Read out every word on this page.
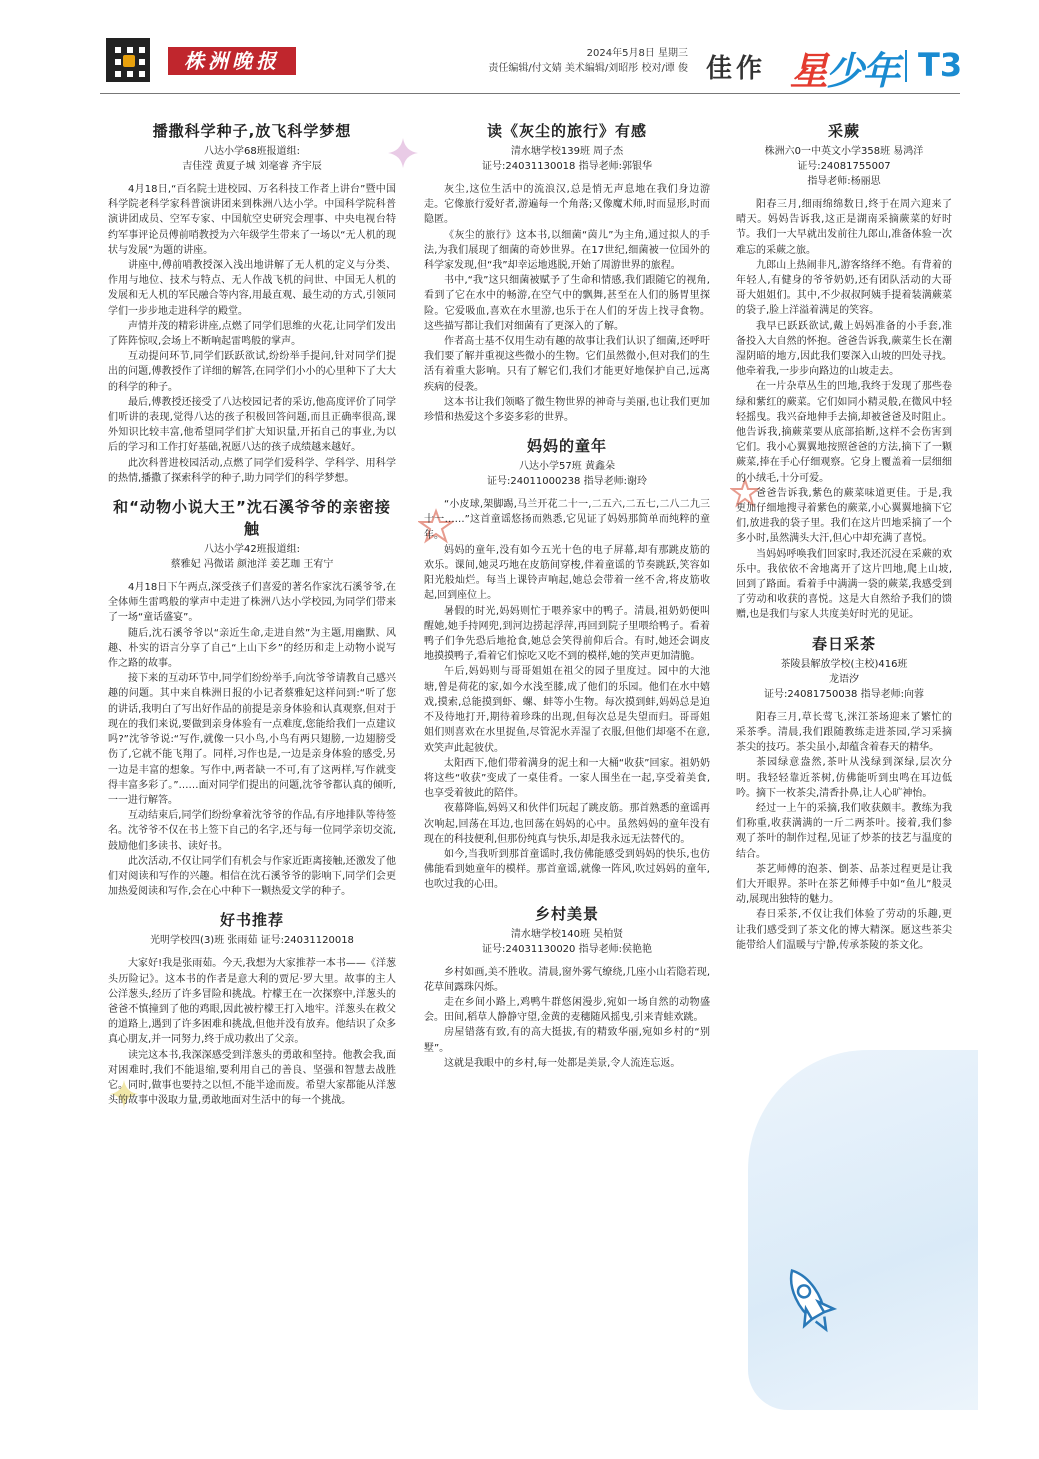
株洲晚报	2024年5月8日 星期三
责任编辑/付文婧 美术编辑/刘昭彤 校对/谭 俊 佳作 星少年 T3
播撒科学种子,放飞科学梦想
八达小学68班报道组:
吉佳滢 黄夏子城 刘毫睿 齐宇辰

4月18日,“百名院士进校园、万名科技工作者上讲台”暨中国科学院老科学家科普演讲团来到株洲八达小学。中国科学院科普演讲团成员、空军专家、中国航空史研究会理事、中央电视台特约军事评论员傅前哨教授为六年级学生带来了一场以“无人机的现状与发展”为题的讲座。

讲座中,傅前哨教授深入浅出地讲解了无人机的定义与分类、作用与地位、技术与特点、无人作战飞机的问世、中国无人机的发展和无人机的军民融合等内容,用最直观、最生动的方式,引领同学们一步步地走进科学的殿堂。

声情并茂的精彩讲座,点燃了同学们思维的火花,让同学们发出了阵阵惊叹,会场上不断响起雷鸣般的掌声。

互动提问环节,同学们跃跃欲试,纷纷举手提问,针对同学们提出的问题,傅教授作了详细的解答,在同学们小小的心里种下了大大的科学的种子。

最后,傅教授还接受了八达校园记者的采访,他高度评价了同学们听讲的表现,觉得八达的孩子积极回答问题,而且正确率很高,课外知识比较丰富,他希望同学们扩大知识量,开拓自己的事业,为以后的学习和工作打好基础,祝愿八达的孩子成绩越来越好。

此次科普进校园活动,点燃了同学们爱科学、学科学、用科学的热情,播撒了探索科学的种子,助力同学们的科学梦想。

和“动物小说大王”沈石溪爷爷的亲密接触
八达小学42班报道组:
蔡雅妃 冯微诺 颜池洋 姜艺珈 王宥宁

4月18日下午两点,深受孩子们喜爱的著名作家沈石溪爷爷,在全体师生雷鸣般的掌声中走进了株洲八达小学校园,为同学们带来了一场“童话盛宴”。

随后,沈石溪爷爷以“亲近生命,走进自然”为主题,用幽默、风趣、朴实的语言分享了自己“上山下乡”的经历和走上动物小说写作之路的故事。

接下来的互动环节中,同学们纷纷举手,向沈爷爷请教自己感兴趣的问题。其中来自株洲日报的小记者蔡雅妃这样问到:“听了您的讲话,我明白了写出好作品的前提是亲身体验和认真观察,但对于现在的我们来说,要做到亲身体验有一点难度,您能给我们一点建议吗?”沈爷爷说:“写作,就像一只小鸟,小鸟有两只翅膀,一边翅膀受伤了,它就不能飞翔了。同样,习作也是,一边是亲身体验的感受,另一边是丰富的想象。写作中,两者缺一不可,有了这两样,写作就变得丰富多彩了。”……面对同学们提出的问题,沈爷爷都认真的倾听,一一进行解答。

互动结束后,同学们纷纷拿着沈爷爷的作品,有序地排队等待签名。沈爷爷不仅在书上签下自己的名字,还与每一位同学亲切交流,鼓励他们多读书、读好书。

此次活动,不仅让同学们有机会与作家近距离接触,还激发了他们对阅读和写作的兴趣。相信在沈石溪爷爷的影响下,同学们会更加热爱阅读和写作,会在心中种下一颗热爱文学的种子。

好书推荐
光明学校四(3)班 张雨茹 证号:24031120018

大家好!我是张雨茹。今天,我想为大家推荐一本书——《洋葱头历险记》。这本书的作者是意大利的贾尼·罗大里。故事的主人公洋葱头,经历了许多冒险和挑战。柠檬王在一次探察中,洋葱头的爸爸不慎撞到了他的鸡眼,因此被柠檬王打入地牢。洋葱头在救父的道路上,遇到了许多困难和挑战,但他并没有放弃。他结识了众多真心朋友,并一同努力,终于成功救出了父亲。

读完这本书,我深深感受到洋葱头的勇敢和坚持。他教会我,面对困难时,我们不能退缩,要利用自己的善良、坚强和智慧去战胜它。同时,做事也要持之以恒,不能半途而废。希望大家都能从洋葱头的故事中汲取力量,勇敢地面对生活中的每一个挑战。

读《灰尘的旅行》有感
清水塘学校139班 周子杰
证号:24031130018 指导老师:郭银华

灰尘,这位生活中的流浪汉,总是悄无声息地在我们身边游走。它像旅行爱好者,游遍每一个角落;又像魔术师,时而显形,时而隐匿。

《灰尘的旅行》这本书,以细菌“茵儿”为主角,通过拟人的手法,为我们展现了细菌的奇妙世界。在17世纪,细菌被一位国外的科学家发现,但“我”却幸运地逃脱,开始了周游世界的旅程。

书中,“我”这只细菌被赋予了生命和情感,我们跟随它的视角,看到了它在水中的畅游,在空气中的飘舞,甚至在人们的肠胃里探险。它爱吸血,喜欢在水里游,也乐于在人们的牙齿上找寻食物。这些描写都让我们对细菌有了更深入的了解。

作者高士基不仅用生动有趣的故事让我们认识了细菌,还呼吁我们要了解并重视这些微小的生物。它们虽然微小,但对我们的生活有着重大影响。只有了解它们,我们才能更好地保护自己,远离疾病的侵袭。

这本书让我们领略了微生物世界的神奇与美丽,也让我们更加珍惜和热爱这个多姿多彩的世界。

妈妈的童年
八达小学57班 黄鑫朵
证号:24011000238 指导老师:谢玲

“小皮球,架脚踢,马兰开花二十一,二五六,二五七,二八二九三十一……”这首童谣悠扬而熟悉,它见证了妈妈那简单而纯粹的童年。

妈妈的童年,没有如今五光十色的电子屏幕,却有那跳皮筋的欢乐。课间,她灵巧地在皮筋间穿梭,伴着童谣的节奏跳跃,笑容如阳光般灿烂。每当上课铃声响起,她总会带着一丝不舍,将皮筋收起,回到座位上。

暑假的时光,妈妈则忙于喂养家中的鸭子。清晨,祖奶奶便叫醒她,她手持网兜,到河边捞起浮萍,再回到院子里喂给鸭子。看着鸭子们争先恐后地抢食,她总会笑得前仰后合。有时,她还会调皮地摸摸鸭子,看着它们惊吃又吃不到的模样,她的笑声更加清脆。

午后,妈妈则与哥哥姐姐在祖父的园子里度过。园中的大池塘,曾是荷花的家,如今水浅至膝,成了他们的乐园。他们在水中嬉戏,摸索,总能摸到虾、螺、蚌等小生物。每次摸到蚌,妈妈总是迫不及待地打开,期待着珍珠的出现,但每次总是失望而归。哥哥姐姐们则喜欢在水里捉鱼,尽管泥水弄湿了衣服,但他们却毫不在意,欢笑声此起彼伏。

太阳西下,他们带着满身的泥土和一大桶“收获”回家。祖奶奶将这些“收获”变成了一桌佳肴。一家人围坐在一起,享受着美食,也享受着彼此的陪伴。

夜幕降临,妈妈又和伙伴们玩起了跳皮筋。那首熟悉的童谣再次响起,回荡在耳边,也回荡在妈妈的心中。虽然妈妈的童年没有现在的科技便利,但那份纯真与快乐,却是我永远无法替代的。

如今,当我听到那首童谣时,我仿佛能感受到妈妈的快乐,也仿佛能看到她童年的模样。那首童谣,就像一阵风,吹过妈妈的童年,也吹过我的心田。

乡村美景
清水塘学校140班 吴柏贤
证号:24031130020 指导老师:侯艳艳

乡村如画,美不胜收。清晨,窗外雾气缭绕,几座小山若隐若现,花草间露珠闪烁。

走在乡间小路上,鸡鸭牛群悠闲漫步,宛如一场自然的动物盛会。田间,稻草人静静守望,金黄的麦穗随风摇曳,引来青蛙欢跳。

房屋错落有致,有的高大挺拔,有的精致华丽,宛如乡村的“别墅”。

这就是我眼中的乡村,每一处都是美景,令人流连忘返。

采蕨
株洲六0一中英文小学358班 易鸿洋
证号:24081755007
指导老师:杨丽思

阳春三月,细雨绵绵数日,终于在周六迎来了晴天。妈妈告诉我,这正是湖南采摘蕨菜的好时节。我们一大早就出发前往九郎山,准备体验一次难忘的采蕨之旅。

九郎山上热闹非凡,游客络绎不绝。有背着的年轻人,有健身的爷爷奶奶,还有团队活动的大哥哥大姐姐们。其中,不少叔叔阿姨手提着装满蕨菜的袋子,脸上洋溢着满足的笑容。

我早已跃跃欲试,戴上妈妈准备的小手套,准备投入大自然的怀抱。爸爸告诉我,蕨菜生长在潮湿阴暗的地方,因此我们要深入山坡的凹处寻找。他牵着我,一步步向路边的山坡走去。

在一片杂草丛生的凹地,我终于发现了那些卷绿和紫红的蕨菜。它们如同小精灵般,在微风中轻轻摇曳。我兴奋地伸手去摘,却被爸爸及时阻止。他告诉我,摘蕨菜要从底部掐断,这样不会伤害到它们。我小心翼翼地按照爸爸的方法,摘下了一颗蕨菜,捧在手心仔细观察。它身上覆盖着一层细细的小绒毛,十分可爱。

爸爸告诉我,紫色的蕨菜味道更佳。于是,我更加仔细地搜寻着紫色的蕨菜,小心翼翼地摘下它们,放进我的袋子里。我们在这片凹地采摘了一个多小时,虽然满头大汗,但心中却充满了喜悦。

当妈妈呼唤我们回家时,我还沉浸在采蕨的欢乐中。我依依不舍地离开了这片凹地,爬上山坡,回到了路面。看着手中满满一袋的蕨菜,我感受到了劳动和收获的喜悦。这是大自然给予我们的馈赠,也是我们与家人共度美好时光的见证。

春日采茶
茶陵县解放学校(主校)416班
龙语汐
证号:24081750038 指导老师:向蓉

阳春三月,草长莺飞,洣江茶场迎来了繁忙的采茶季。清晨,我们跟随教练走进茶园,学习采摘茶尖的技巧。茶尖虽小,却蕴含着春天的精华。

茶园绿意盎然,茶叶从浅绿到深绿,层次分明。我轻轻靠近茶树,仿佛能听到虫鸣在耳边低吟。摘下一枚茶尖,清香扑鼻,让人心旷神怡。

经过一上午的采摘,我们收获颇丰。教练为我们称重,收获满满的一斤二两茶叶。接着,我们参观了茶叶的制作过程,见证了炒茶的技艺与温度的结合。

茶艺师傅的泡茶、倒茶、品茶过程更是让我们大开眼界。茶叶在茶艺师傅手中如“鱼儿”般灵动,展现出独特的魅力。

春日采茶,不仅让我们体验了劳动的乐趣,更让我们感受到了茶文化的博大精深。愿这些茶尖能带给人们温暖与宁静,传承茶陵的茶文化。
